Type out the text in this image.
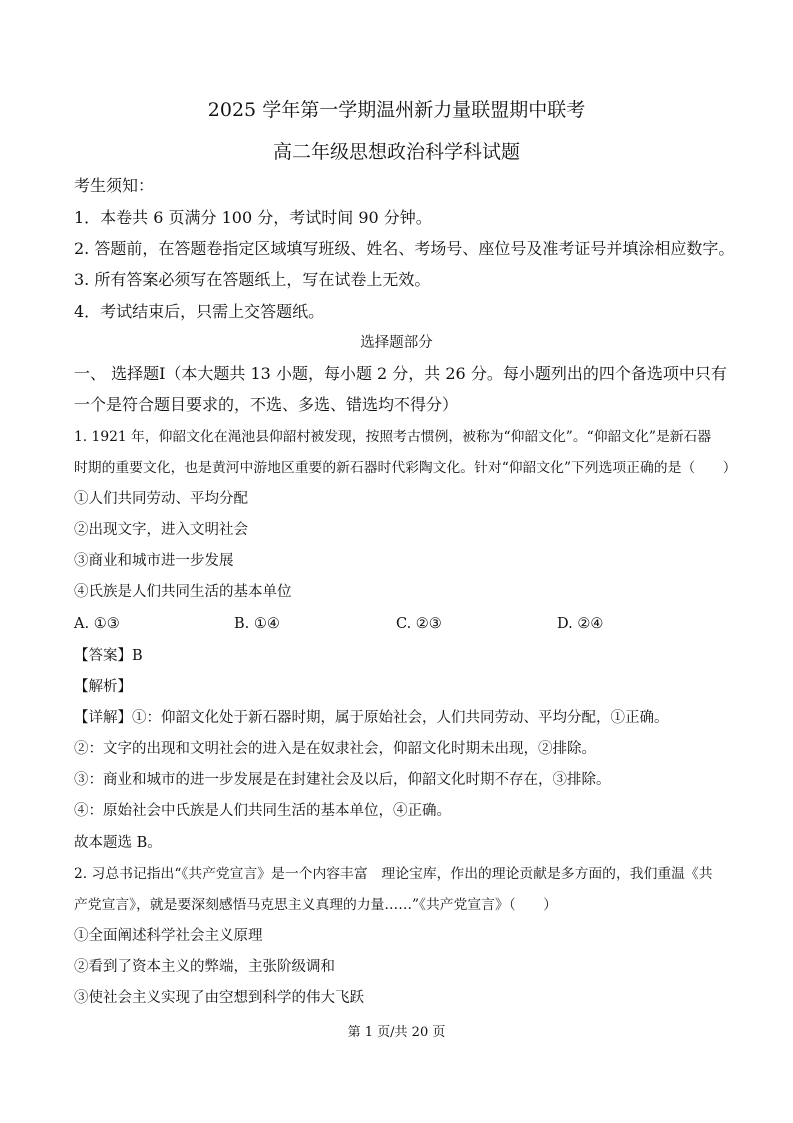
2025 学年第一学期温州新力量联盟期中联考
高二年级思想政治科学科试题
考生须知：
1．本卷共 6 页满分 100 分，考试时间 90 分钟。
2. 答题前，在答题卷指定区域填写班级、姓名、考场号、座位号及准考证号并填涂相应数字。
3. 所有答案必须写在答题纸上，写在试卷上无效。
4．考试结束后，只需上交答题纸。
选择题部分
一、 选择题Ⅰ（本大题共 13 小题，每小题 2 分，共 26 分。每小题列出的四个备选项中只有
一个是符合题目要求的，不选、多选、错选均不得分）
1. 1921 年，仰韶文化在渑池县仰韶村被发现，按照考古惯例，被称为“仰韶文化”。“仰韶文化”是新石器
时期的重要文化，也是黄河中游地区重要的新石器时代彩陶文化。针对“仰韶文化”下列选项正确的是（　　）
①人们共同劳动、平均分配
②出现文字，进入文明社会
③商业和城市进一步发展
④氏族是人们共同生活的基本单位
A. ①③	B. ①④	C. ②③	D. ②④
【答案】B
【解析】
【详解】①：仰韶文化处于新石器时期，属于原始社会，人们共同劳动、平均分配，①正确。
②：文字的出现和文明社会的进入是在奴隶社会，仰韶文化时期未出现，②排除。
③：商业和城市的进一步发展是在封建社会及以后，仰韶文化时期不存在，③排除。
④：原始社会中氏族是人们共同生活的基本单位，④正确。
故本题选 B。
2. 习总书记指出“《共产党宣言》是一个内容丰富　理论宝库，作出的理论贡献是多方面的，我们重温《共
产党宣言》，就是要深刻感悟马克思主义真理的力量……”《共产党宣言》（　　）
①全面阐述科学社会主义原理
②看到了资本主义的弊端，主张阶级调和
③使社会主义实现了由空想到科学的伟大飞跃
第 1 页/共 20 页
